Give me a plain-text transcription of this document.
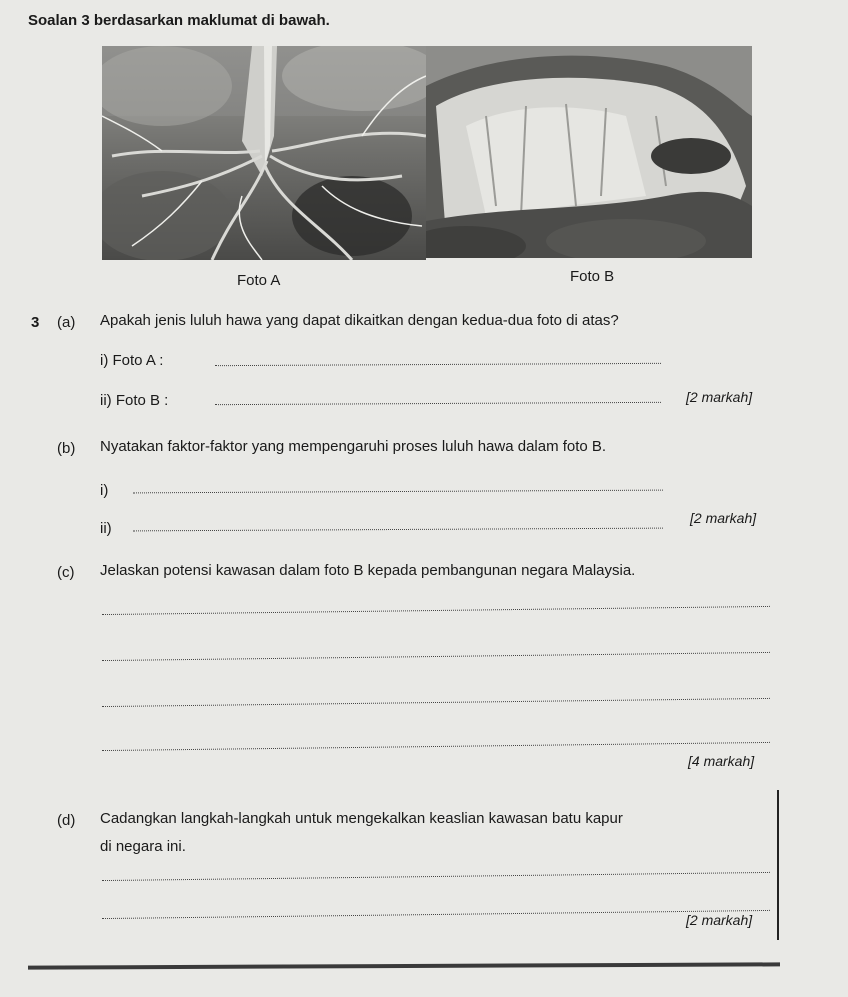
Soalan 3 berdasarkan maklumat di bawah.
Foto A	Foto B
3 (a) Apakah jenis luluh hawa yang dapat dikaitkan dengan kedua-dua foto di atas?
i) Foto A :
ii) Foto B :	[2 markah]
(b) Nyatakan faktor-faktor yang mempengaruhi proses luluh hawa dalam foto B.
i)
ii)
[2 markah]
(c) Jelaskan potensi kawasan dalam foto B kepada pembangunan negara Malaysia.
[4 markah]
(d) Cadangkan langkah-langkah untuk mengekalkan keaslian kawasan batu kapur
di negara ini.
[2 markah]
